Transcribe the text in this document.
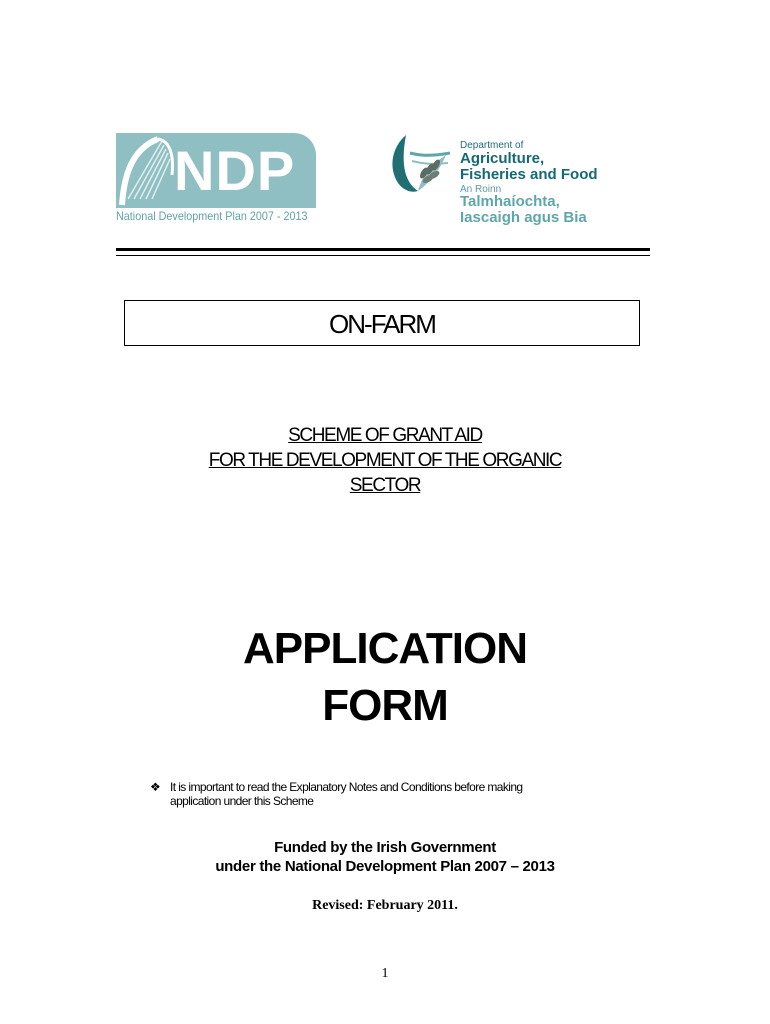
NDP
National Development Plan 2007 - 2013
Department of
Agriculture,
Fisheries and Food
An Roinn
Talmhaíochta,
Iascaigh agus Bia
ON-FARM
SCHEME OF GRANT AID
FOR THE DEVELOPMENT OF THE ORGANIC
SECTOR
APPLICATION
FORM
❖ It is important to read the Explanatory Notes and Conditions before making
application under this Scheme
Funded by the Irish Government
under the National Development Plan 2007 – 2013
Revised: February 2011.
1
